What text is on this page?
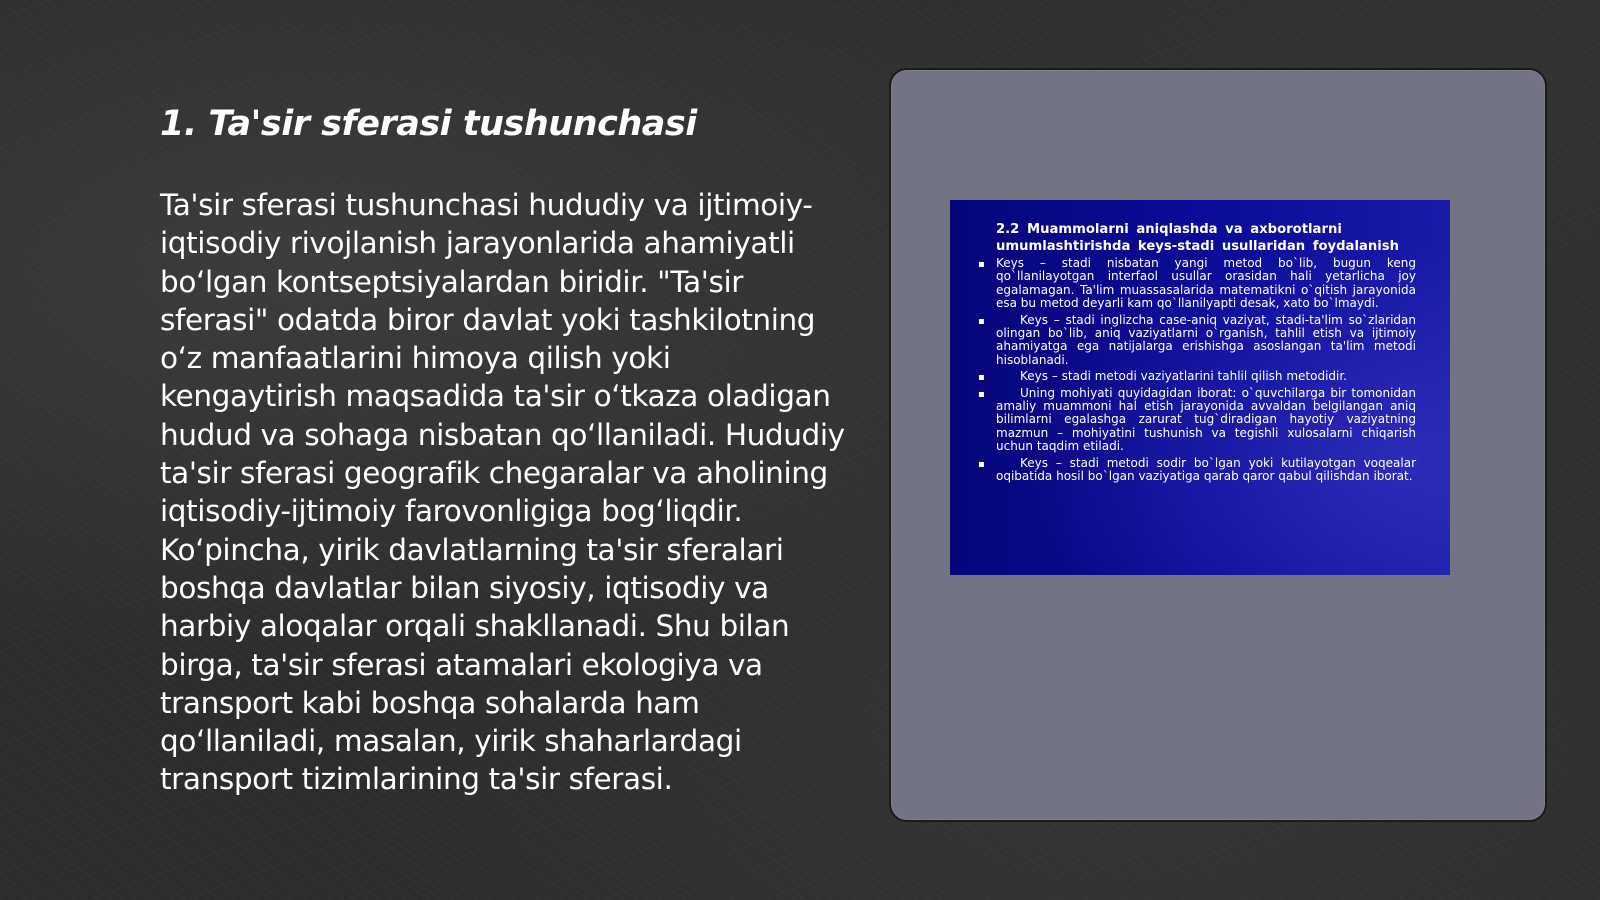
1. Ta'sir sferasi tushunchasi

Ta'sir sferasi tushunchasi hududiy va ijtimoiy-iqtisodiy rivojlanish jarayonlarida ahamiyatli bo‘lgan kontseptsiyalardan biridir. "Ta'sir sferasi" odatda biror davlat yoki tashkilotning o‘z manfaatlarini himoya qilish yoki kengaytirish maqsadida ta'sir o‘tkaza oladigan hudud va sohaga nisbatan qo‘llaniladi. Hududiy ta'sir sferasi geografik chegaralar va aholining iqtisodiy-ijtimoiy farovonligiga bog‘liqdir. Ko‘pincha, yirik davlatlarning ta'sir sferalari boshqa davlatlar bilan siyosiy, iqtisodiy va harbiy aloqalar orqali shakllanadi. Shu bilan birga, ta'sir sferasi atamalari ekologiya va transport kabi boshqa sohalarda ham qo‘llaniladi, masalan, yirik shaharlardagi transport tizimlarining ta'sir sferasi.

2.2 Muammolarni aniqlashda va axborotlarni umumlashtirishda keys-stadi usullaridan foydalanish

▪ Keys – stadi nisbatan yangi metod bo`lib, bugun keng qo`llanilayotgan interfaol usullar orasidan hali yetarlicha joy egalamagan. Ta'lim muassasalarida matematikni o`qitish jarayonida esa bu metod deyarli kam qo`llanilyapti desak, xato bo`lmaydi.
▪	Keys – stadi inglizcha case-aniq vaziyat, stadi-ta'lim so`zlaridan olingan bo`lib, aniq vaziyatlarni o`rganish, tahlil etish va ijtimoiy ahamiyatga ega natijalarga erishishga asoslangan ta'lim metodi hisoblanadi.
▪	Keys – stadi metodi vaziyatlarini tahlil qilish metodidir.
▪	Uning mohiyati quyidagidan iborat: o`quvchilarga bir tomonidan amaliy muammoni hal etish jarayonida avvaldan belgilangan aniq bilimlarni egalashga zarurat tug`diradigan hayotiy vaziyatning mazmun – mohiyatini tushunish va tegishli xulosalarni chiqarish uchun taqdim etiladi.
▪	Keys – stadi metodi sodir bo`lgan yoki kutilayotgan voqealar oqibatida hosil bo`lgan vaziyatiga qarab qaror qabul qilishdan iborat.
